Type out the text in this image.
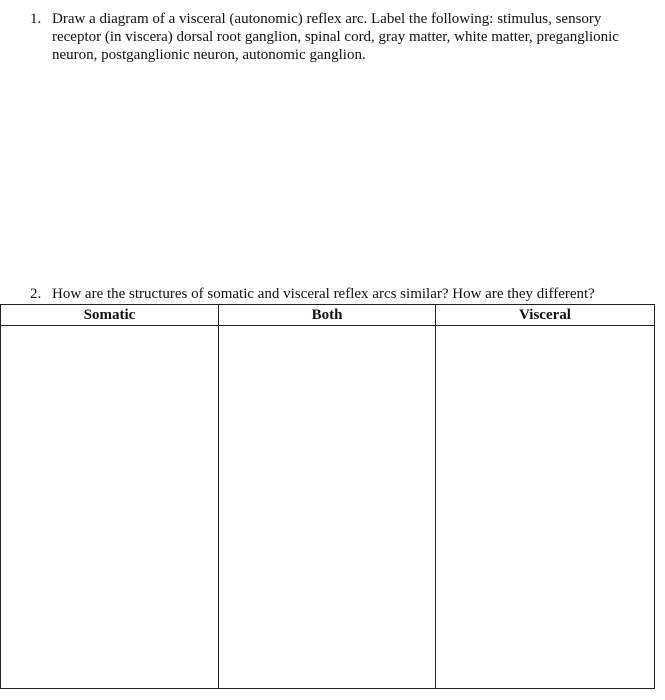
1. Draw a diagram of a visceral (autonomic) reflex arc. Label the following: stimulus, sensory receptor (in viscera) dorsal root ganglion, spinal cord, gray matter, white matter, preganglionic neuron, postganglionic neuron, autonomic ganglion.
2. How are the structures of somatic and visceral reflex arcs similar? How are they different?
Somatic	Both	Visceral
